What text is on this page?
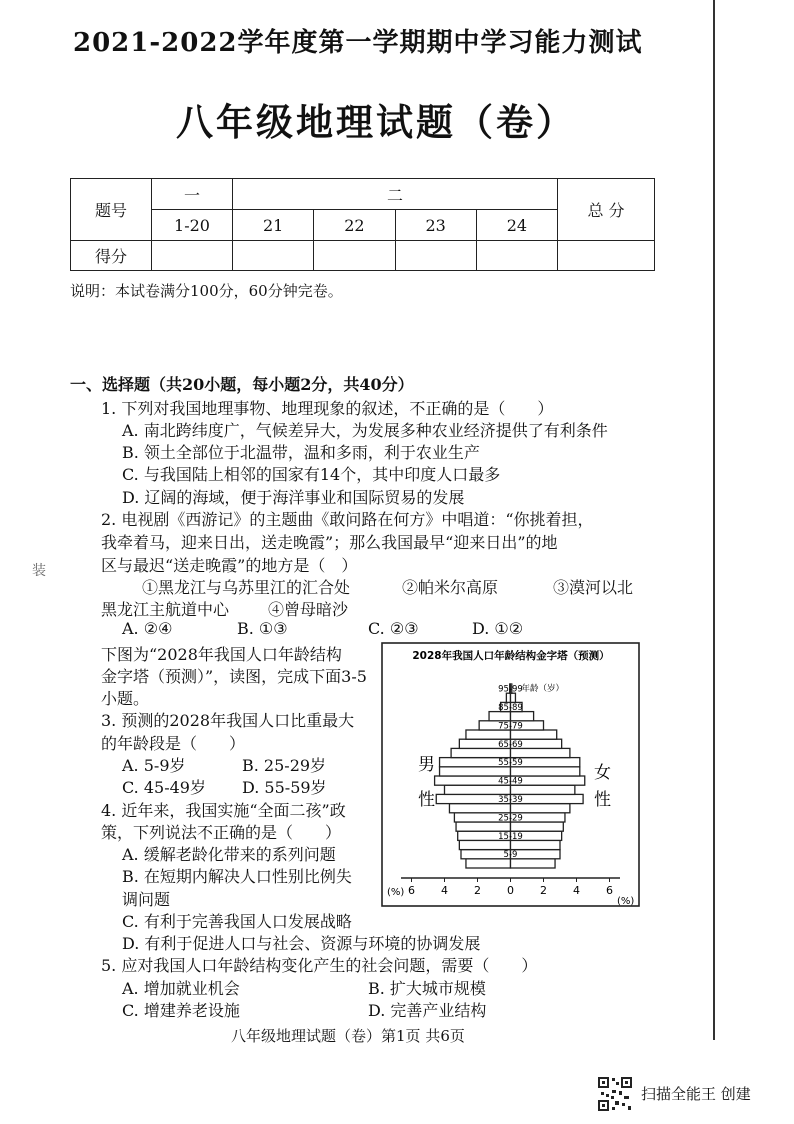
装
2021-2022学年度第一学期期中学习能力测试
八年级地理试题（卷）
题号	一	二				总 分
	1-20	21	22	23	24	
得分						
说明：本试卷满分100分，60分钟完卷。
一、选择题（共20小题，每小题2分，共40分）
1. 下列对我国地理事物、地理现象的叙述，不正确的是（　　）
A. 南北跨纬度广，气候差异大，为发展多种农业经济提供了有利条件
B. 领土全部位于北温带，温和多雨，利于农业生产
C. 与我国陆上相邻的国家有14个，其中印度人口最多
D. 辽阔的海域，便于海洋事业和国际贸易的发展
2. 电视剧《西游记》的主题曲《敢问路在何方》中唱道：“你挑着担，
我牵着马，迎来日出，送走晚霞”；那么我国最早“迎来日出”的地
区与最迟“送走晚霞”的地方是（　）
①黑龙江与乌苏里江的汇合处	②帕米尔高原	③漠河以北
黑龙江主航道中心 ④曾母暗沙
A. ②④	B. ①③	C. ②③	D. ①②
下图为“2028年我国人口年龄结构
金字塔（预测）”，读图，完成下面3-5
小题。
3. 预测的2028年我国人口比重最大
的年龄段是（　　）
A. 5-9岁	B. 25-29岁
C. 45-49岁 D. 55-59岁
4. 近年来，我国实施“全面二孩”政
策，下列说法不正确的是（　　）
A. 缓解老龄化带来的系列问题
B. 在短期内解决人口性别比例失
调问题
C. 有利于完善我国人口发展战略
D. 有利于促进人口与社会、资源与环境的协调发展
5. 应对我国人口年龄结构变化产生的社会问题，需要（　　）
A. 增加就业机会	B. 扩大城市规模
C. 增建养老设施	D. 完善产业结构
2028年我国人口年龄结构金字塔（预测）
5-9
15-19
25-29
35-39
45-49
55-59
65-69
75-79
85-89
95-99
年龄（岁）
男
性
女
性
6 4 2 0 2 4 6
(%)
(%)
八年级地理试题（卷）第1页 共6页
扫描全能王 创建
